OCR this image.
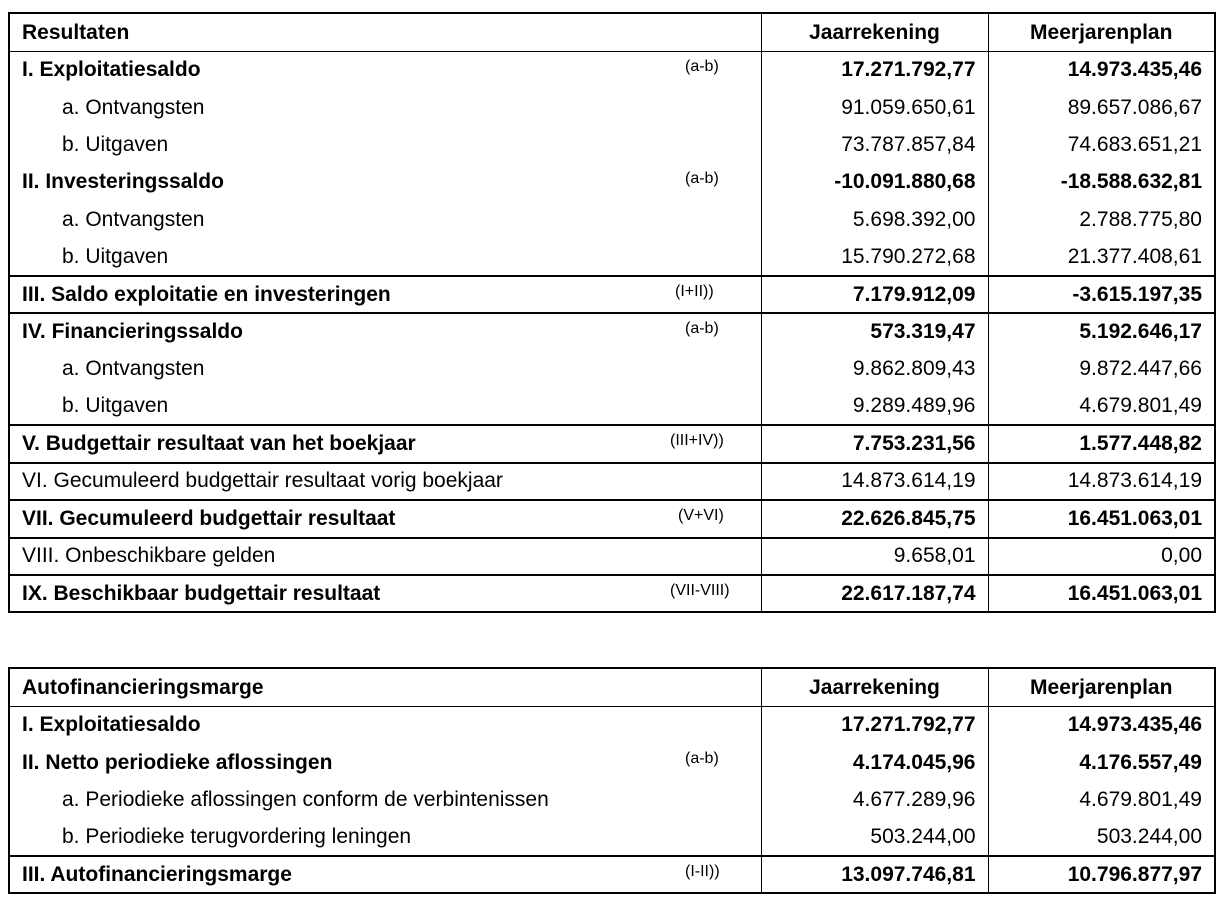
Resultaten	Jaarrekening	Meerjarenplan
I. Exploitatiesaldo (a-b)	17.271.792,77	14.973.435,46
a. Ontvangsten	91.059.650,61	89.657.086,67
b. Uitgaven	73.787.857,84	74.683.651,21
II. Investeringssaldo (a-b)	-10.091.880,68	-18.588.632,81
a. Ontvangsten	5.698.392,00	2.788.775,80
b. Uitgaven	15.790.272,68	21.377.408,61
III. Saldo exploitatie en investeringen (I+II))	7.179.912,09	-3.615.197,35
IV. Financieringssaldo (a-b)	573.319,47	5.192.646,17
a. Ontvangsten	9.862.809,43	9.872.447,66
b. Uitgaven	9.289.489,96	4.679.801,49
V. Budgettair resultaat van het boekjaar (III+IV))	7.753.231,56	1.577.448,82
VI. Gecumuleerd budgettair resultaat vorig boekjaar	14.873.614,19	14.873.614,19
VII. Gecumuleerd budgettair resultaat (V+VI)	22.626.845,75	16.451.063,01
VIII. Onbeschikbare gelden	9.658,01	0,00
IX. Beschikbaar budgettair resultaat (VII-VIII)	22.617.187,74	16.451.063,01
Autofinancieringsmarge	Jaarrekening	Meerjarenplan
I. Exploitatiesaldo	17.271.792,77	14.973.435,46
II. Netto periodieke aflossingen (a-b)	4.174.045,96	4.176.557,49
a. Periodieke aflossingen conform de verbintenissen	4.677.289,96	4.679.801,49
b. Periodieke terugvordering leningen	503.244,00	503.244,00
III. Autofinancieringsmarge (I-II))	13.097.746,81	10.796.877,97
